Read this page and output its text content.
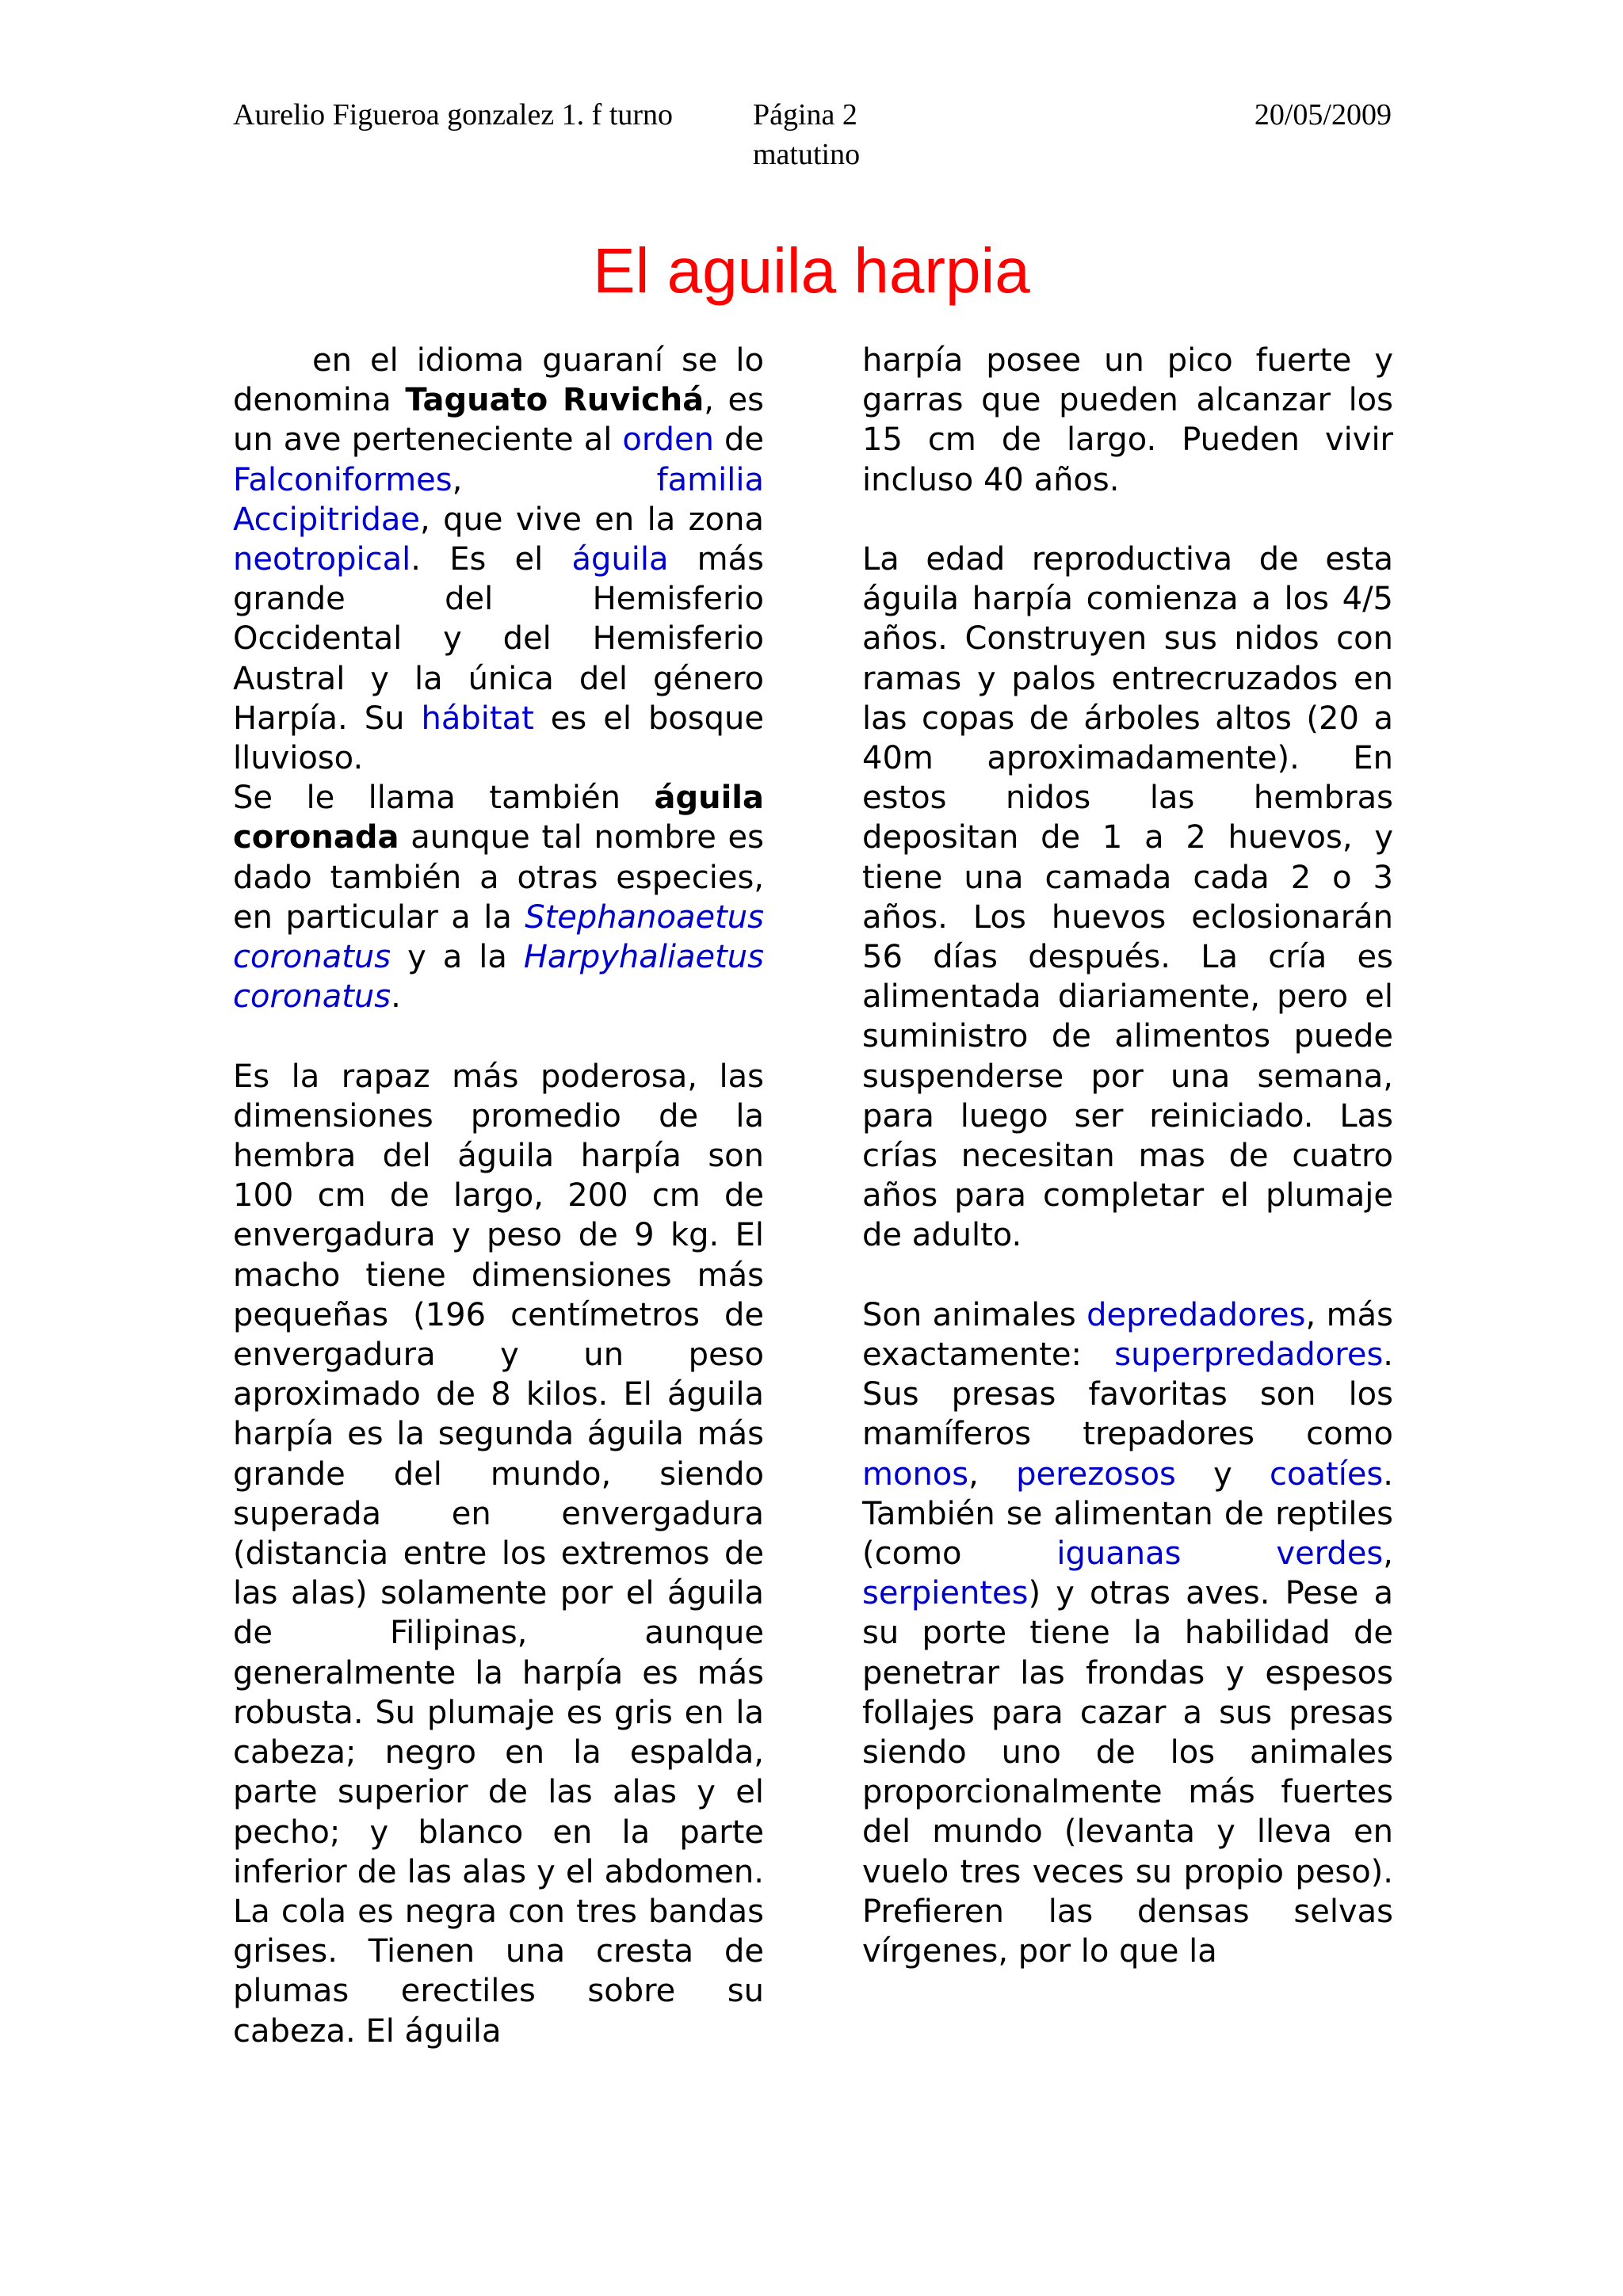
Aurelio Figueroa gonzalez 1. f turno	Página 2
matutino
20/05/2009
El aguila harpia

en el idioma guaraní se lo denomina Taguato Ruvichá, es un ave perteneciente al orden de Falconiformes, familia Accipitridae, que vive en la zona neotropical. Es el águila más grande del Hemisferio Occidental y del Hemisferio Austral y la única del género Harpía. Su hábitat es el bosque lluvioso.

Se le llama también águila coronada aunque tal nombre es dado también a otras especies, en particular a la Stephanoaetus coronatus y a la Harpyhaliaetus coronatus.

Es la rapaz más poderosa, las dimensiones promedio de la hembra del águila harpía son 100 cm de largo, 200 cm de envergadura y peso de 9 kg. El macho tiene dimensiones más pequeñas (196 centímetros de envergadura y un peso aproximado de 8 kilos. El águila harpía es la segunda águila más grande del mundo, siendo superada en envergadura (distancia entre los extremos de las alas) solamente por el águila de Filipinas, aunque generalmente la harpía es más robusta. Su plumaje es gris en la cabeza; negro en la espalda, parte superior de las alas y el pecho; y blanco en la parte inferior de las alas y el abdomen. La cola es negra con tres bandas grises. Tienen una cresta de plumas erectiles sobre su cabeza. El águila

harpía posee un pico fuerte y garras que pueden alcanzar los 15 cm de largo. Pueden vivir incluso 40 años.

La edad reproductiva de esta águila harpía comienza a los 4/5 años. Construyen sus nidos con ramas y palos entrecruzados en las copas de árboles altos (20 a 40m aproximadamente). En estos nidos las hembras depositan de 1 a 2 huevos, y tiene una camada cada 2 o 3 años. Los huevos eclosionarán 56 días después. La cría es alimentada diariamente, pero el suministro de alimentos puede suspenderse por una semana, para luego ser reiniciado. Las crías necesitan mas de cuatro años para completar el plumaje de adulto.

Son animales depredadores, más exactamente: superpredadores. Sus presas favoritas son los mamíferos trepadores como monos, perezosos y coatíes. También se alimentan de reptiles (como iguanas verdes, serpientes) y otras aves. Pese a su porte tiene la habilidad de penetrar las frondas y espesos follajes para cazar a sus presas siendo uno de los animales proporcionalmente más fuertes del mundo (levanta y lleva en vuelo tres veces su propio peso). Prefieren las densas selvas vírgenes, por lo que la
